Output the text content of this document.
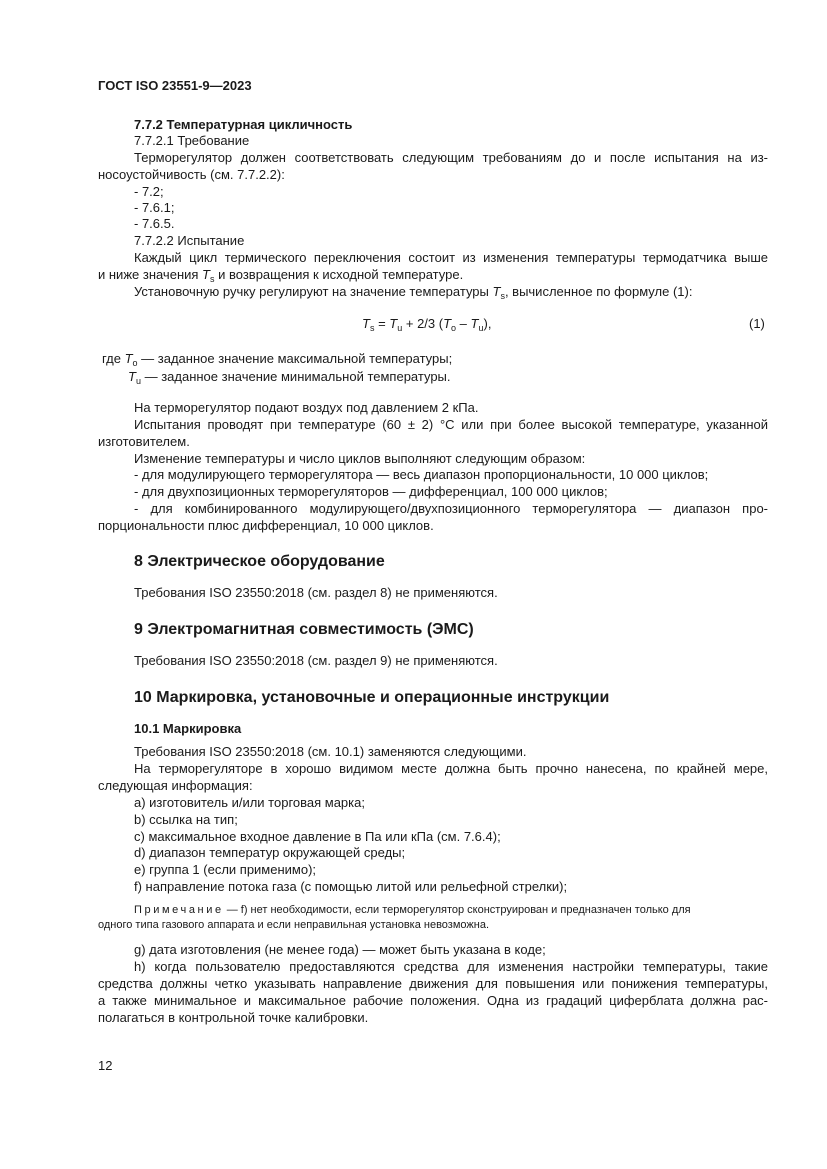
ГОСТ ISO 23551-9—2023
7.7.2 Температурная цикличность
7.7.2.1 Требование
Терморегулятор должен соответствовать следующим требованиям до и после испытания на из-
носоустойчивость (см. 7.7.2.2):
- 7.2;
- 7.6.1;
- 7.6.5.
7.7.2.2 Испытание
Каждый цикл термического переключения состоит из изменения температуры термодатчика выше
и ниже значения $T_s$ и возвращения к исходной температуре.
Установочную ручку регулируют на значение температуры $T_s$, вычисленное по формуле (1):
$T_s = T_u + 2/3$ $(T_o - T_u)$,	(1)
где $T_o$ — заданное значение максимальной температуры;
$T_u$ — заданное значение минимальной температуры.
На терморегулятор подают воздух под давлением 2 кПа.
Испытания проводят при температуре (60 ± 2) °С или при более высокой температуре, указанной
изготовителем.
Изменение температуры и число циклов выполняют следующим образом:
- для модулирующего терморегулятора — весь диапазон пропорциональности, 10 000 циклов;
- для двухпозиционных терморегуляторов — дифференциал, 100 000 циклов;
- для комбинированного модулирующего/двухпозиционного терморегулятора — диапазон про-
порциональности плюс дифференциал, 10 000 циклов.
8 Электрическое оборудование
Требования ISO 23550:2018 (см. раздел 8) не применяются.
9 Электромагнитная совместимость (ЭМС)
Требования ISO 23550:2018 (см. раздел 9) не применяются.
10 Маркировка, установочные и операционные инструкции
10.1 Маркировка
Требования ISO 23550:2018 (см. 10.1) заменяются следующими.
На терморегуляторе в хорошо видимом месте должна быть прочно нанесена, по крайней мере,
следующая информация:
a) изготовитель и/или торговая марка;
b) ссылка на тип;
c) максимальное входное давление в Па или кПа (см. 7.6.4);
d) диапазон температур окружающей среды;
e) группа 1 (если применимо);
f) направление потока газа (с помощью литой или рельефной стрелки);
Примечание — f) нет необходимости, если терморегулятор сконструирован и предназначен только для
одного типа газового аппарата и если неправильная установка невозможна.
g) дата изготовления (не менее года) — может быть указана в коде;
h) когда пользователю предоставляются средства для изменения настройки температуры, такие
средства должны четко указывать направление движения для повышения или понижения температуры,
а также минимальное и максимальное рабочие положения. Одна из градаций циферблата должна рас-
полагаться в контрольной точке калибровки.
12
